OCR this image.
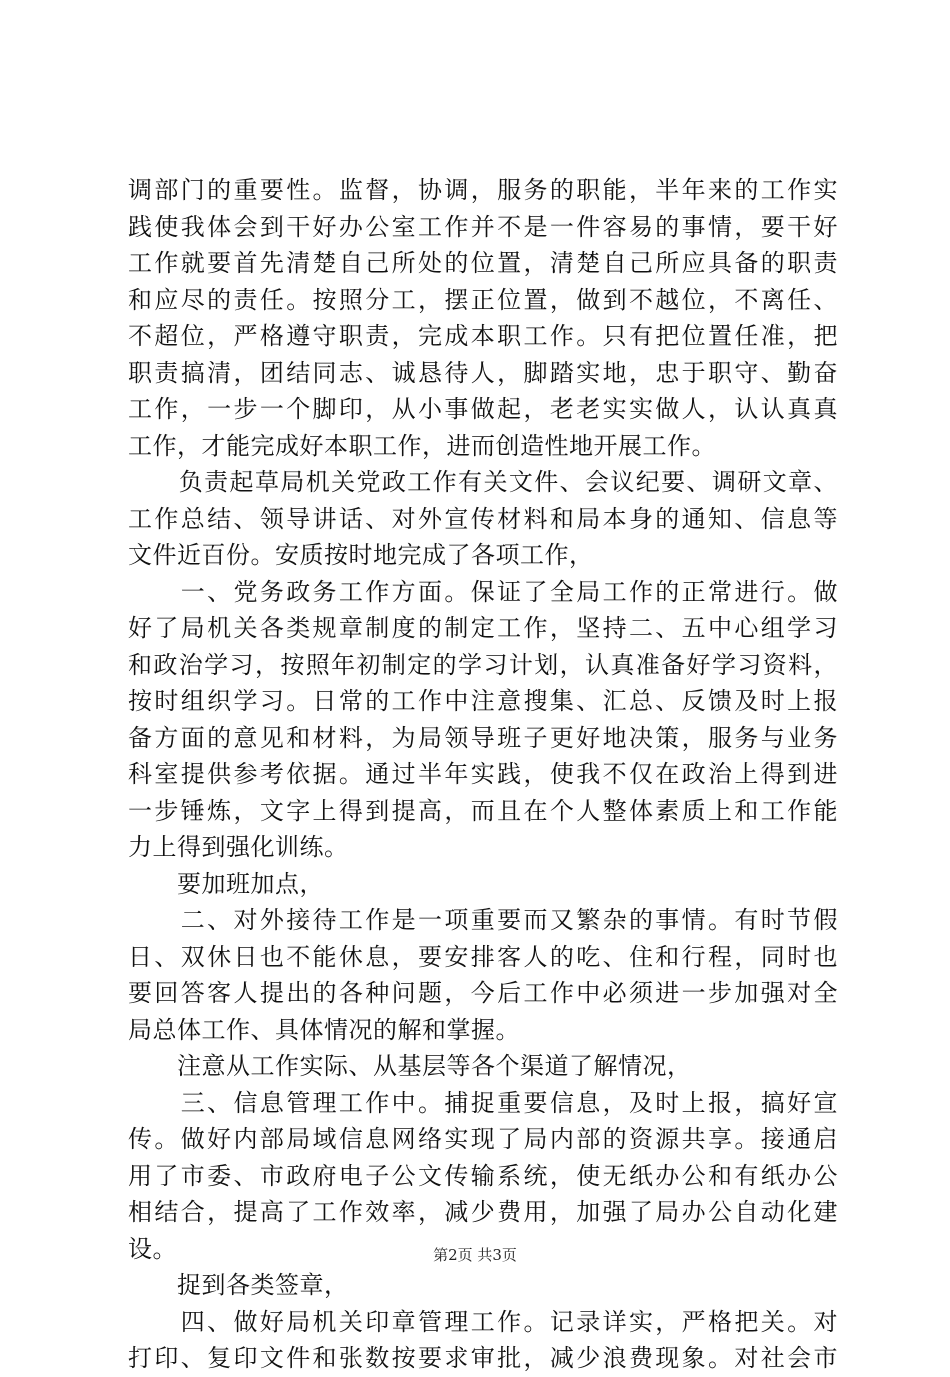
调部门的重要性。监督，协调，服务的职能，半年来的工作实
践使我体会到干好办公室工作并不是一件容易的事情，要干好
工作就要首先清楚自己所处的位置，清楚自己所应具备的职责
和应尽的责任。按照分工，摆正位置，做到不越位，不离任、
不超位，严格遵守职责，完成本职工作。只有把位置任准，把
职责搞清，团结同志、诚恳待人，脚踏实地，忠于职守、勤奋
工作，一步一个脚印，从小事做起，老老实实做人，认认真真
工作，才能完成好本职工作，进而创造性地开展工作。
　　负责起草局机关党政工作有关文件、会议纪要、调研文章、
工作总结、领导讲话、对外宣传材料和局本身的通知、信息等
文件近百份。安质按时地完成了各项工作，
　　一、党务政务工作方面。保证了全局工作的正常进行。做
好了局机关各类规章制度的制定工作，坚持二、五中心组学习
和政治学习，按照年初制定的学习计划，认真准备好学习资料，
按时组织学习。日常的工作中注意搜集、汇总、反馈及时上报
备方面的意见和材料，为局领导班子更好地决策，服务与业务
科室提供参考依据。通过半年实践，使我不仅在政治上得到进
一步锤炼，文字上得到提高，而且在个人整体素质上和工作能
力上得到强化训练。
　　要加班加点，
　　二、对外接待工作是一项重要而又繁杂的事情。有时节假
日、双休日也不能休息，要安排客人的吃、住和行程，同时也
要回答客人提出的各种问题，今后工作中必须进一步加强对全
局总体工作、具体情况的解和掌握。
　　注意从工作实际、从基层等各个渠道了解情况，
　　三、信息管理工作中。捕捉重要信息，及时上报，搞好宣
传。做好内部局域信息网络实现了局内部的资源共享。接通启
用了市委、市政府电子公文传输系统，使无纸办公和有纸办公
相结合，提高了工作效率，减少费用，加强了局办公自动化建
设。
　　捉到各类签章，
　　四、做好局机关印章管理工作。记录详实，严格把关。对
打印、复印文件和张数按要求审批，减少浪费现象。对社会市
第2页 共3页
